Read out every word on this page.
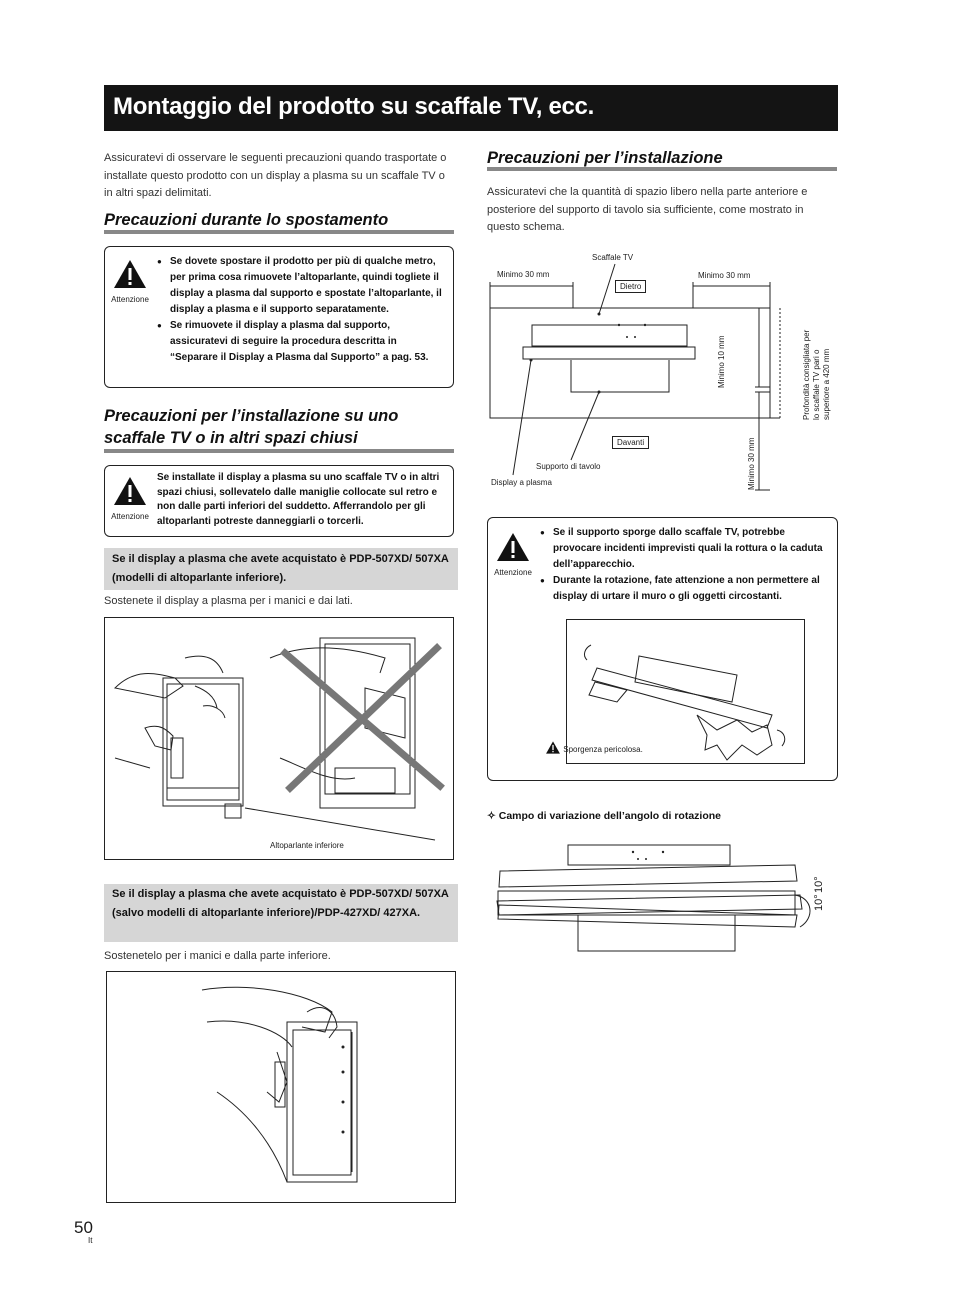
Montaggio del prodotto su scaffale TV, ecc.
Assicuratevi di osservare le seguenti precauzioni quando trasportate o installate questo prodotto con un display a plasma su un scaffale TV o in altri spazi delimitati.
Precauzioni durante lo spostamento
Attenzione
● Se dovete spostare il prodotto per più di qualche metro, per prima cosa rimuovete l’altoparlante, quindi togliete il display a plasma dal supporto e spostate l’altoparlante, il display a plasma e il supporto separatamente.
● Se rimuovete il display a plasma dal supporto, assicuratevi di seguire la procedura descritta in “Separare il Display a Plasma dal Supporto” a pag. 53.
Precauzioni per l’installazione su uno
scaffale TV o in altri spazi chiusi
Attenzione
Se installate il display a plasma su uno scaffale TV o in altri spazi chiusi, sollevatelo dalle maniglie collocate sul retro e non dalle parti inferiori del suddetto. Afferrandolo per gli altoparlanti potreste danneggiarli o torcerli.
Se il display a plasma che avete acquistato è PDP-507XD/ 507XA (modelli di altoparlante inferiore).
Sostenete il display a plasma per i manici e dai lati.
Altoparlante inferiore
Se il display a plasma che avete acquistato è PDP-507XD/ 507XA (salvo modelli di altoparlante inferiore)/PDP-427XD/ 427XA.
Sostenetelo per i manici e dalla parte inferiore.
50
It
Precauzioni per l’installazione
Assicuratevi che la quantità di spazio libero nella parte anteriore e posteriore del supporto di tavolo sia sufficiente, come mostrato in questo schema.
Scaffale TV
Minimo 30 mm	Minimo 30 mm
Dietro
Davanti
Supporto di tavolo
Display a plasma
Minimo 10 mm
Minimo 30 mm
Profondità consigliata per lo scaffale TV pari o superiore a 420 mm
Attenzione
● Se il supporto sporge dallo scaffale TV, potrebbe provocare incidenti imprevisti quali la rottura o la caduta dell’apparecchio.
● Durante la rotazione, fate attenzione a non permettere al display di urtare il muro o gli oggetti circostanti.
Sporgenza pericolosa.
✧ Campo di variazione dell’angolo di rotazione
10°
10°
